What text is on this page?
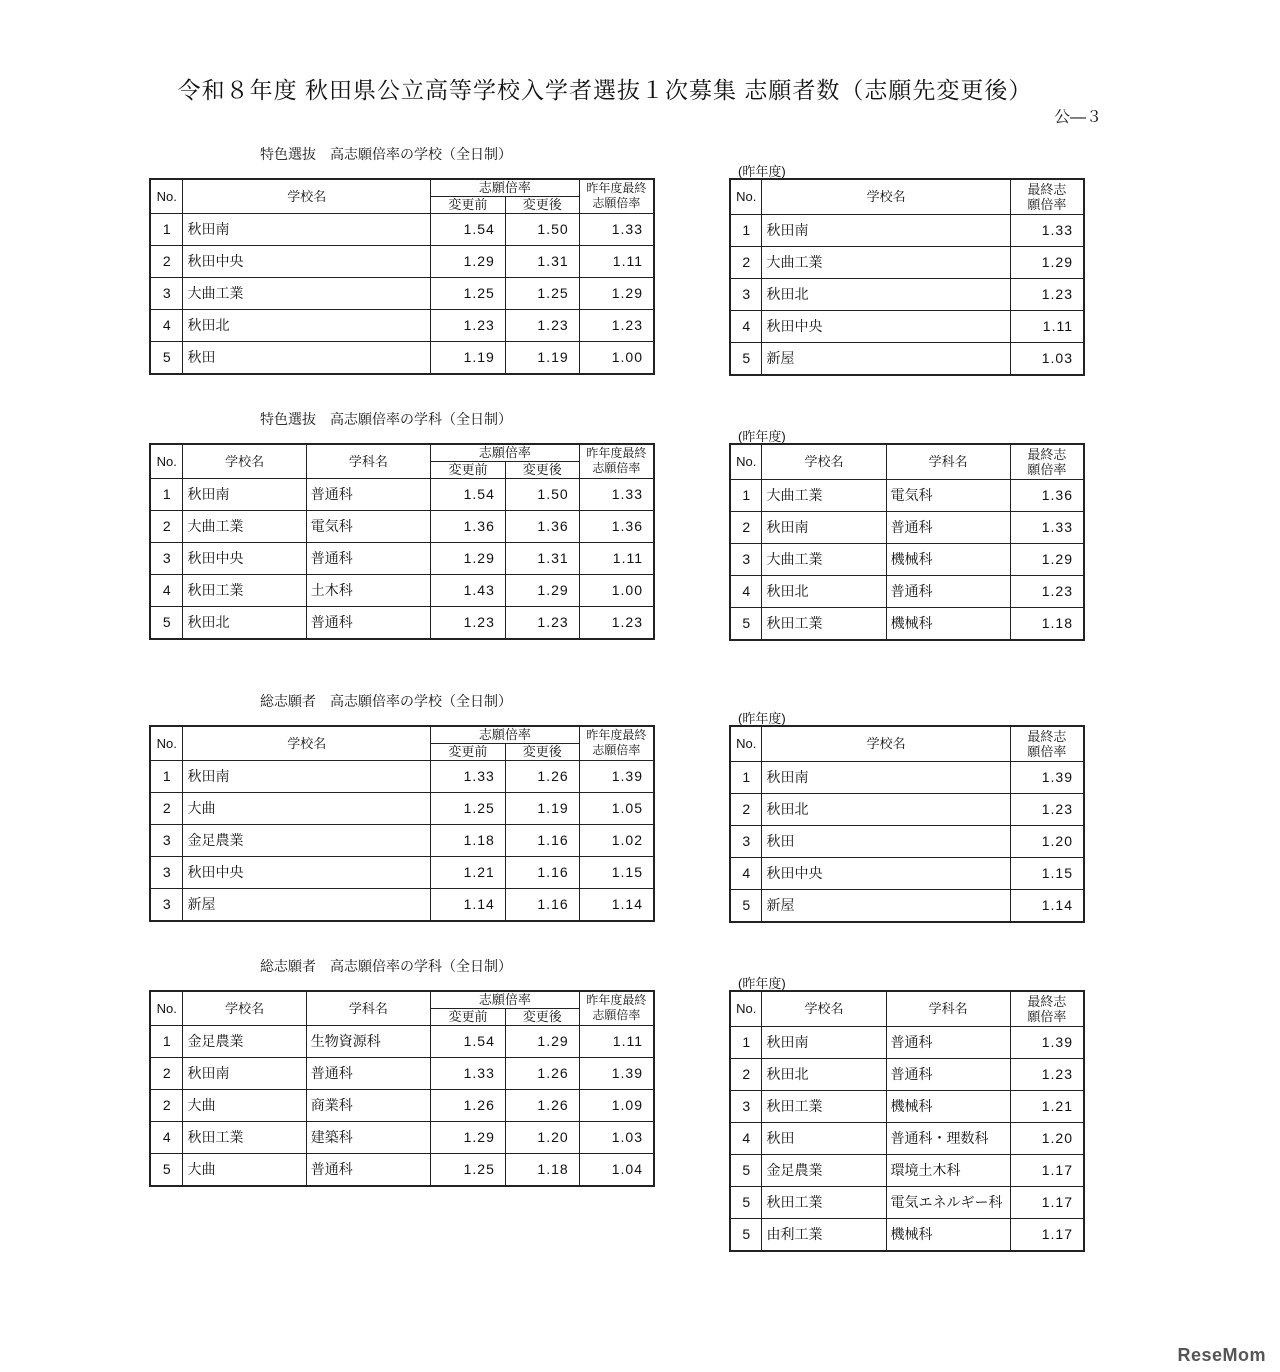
令和８年度 秋田県公立高等学校入学者選抜１次募集 志願者数（志願先変更後）
公―３
特色選抜　高志願倍率の学校（全日制）
(昨年度)
No.	学校名	志願倍率		昨年度最終志願倍率
		変更前	変更後	
1	秋田南	1.54	1.50	1.33
2	秋田中央	1.29	1.31	1.11
3	大曲工業	1.25	1.25	1.29
4	秋田北	1.23	1.23	1.23
5	秋田	1.19	1.19	1.00
No.	学校名	最終志願倍率
1	秋田南	1.33
2	大曲工業	1.29
3	秋田北	1.23
4	秋田中央	1.11
5	新屋	1.03
特色選抜　高志願倍率の学科（全日制）
(昨年度)
No.	学校名	学科名	志願倍率		昨年度最終志願倍率
			変更前	変更後	
1	秋田南	普通科	1.54	1.50	1.33
2	大曲工業	電気科	1.36	1.36	1.36
3	秋田中央	普通科	1.29	1.31	1.11
4	秋田工業	土木科	1.43	1.29	1.00
5	秋田北	普通科	1.23	1.23	1.23
No.	学校名	学科名	最終志願倍率
1	大曲工業	電気科	1.36
2	秋田南	普通科	1.33
3	大曲工業	機械科	1.29
4	秋田北	普通科	1.23
5	秋田工業	機械科	1.18
総志願者　高志願倍率の学校（全日制）
(昨年度)
No.	学校名	志願倍率		昨年度最終志願倍率
		変更前	変更後	
1	秋田南	1.33	1.26	1.39
2	大曲	1.25	1.19	1.05
3	金足農業	1.18	1.16	1.02
3	秋田中央	1.21	1.16	1.15
3	新屋	1.14	1.16	1.14
No.	学校名	最終志願倍率
1	秋田南	1.39
2	秋田北	1.23
3	秋田	1.20
4	秋田中央	1.15
5	新屋	1.14
総志願者　高志願倍率の学科（全日制）
(昨年度)
No.	学校名	学科名	志願倍率		昨年度最終志願倍率
			変更前	変更後	
1	金足農業	生物資源科	1.54	1.29	1.11
2	秋田南	普通科	1.33	1.26	1.39
2	大曲	商業科	1.26	1.26	1.09
4	秋田工業	建築科	1.29	1.20	1.03
5	大曲	普通科	1.25	1.18	1.04
No.	学校名	学科名	最終志願倍率
1	秋田南	普通科	1.39
2	秋田北	普通科	1.23
3	秋田工業	機械科	1.21
4	秋田	普通科・理数科	1.20
5	金足農業	環境土木科	1.17
5	秋田工業	電気エネルギー科	1.17
5	由利工業	機械科	1.17
ReseMom
